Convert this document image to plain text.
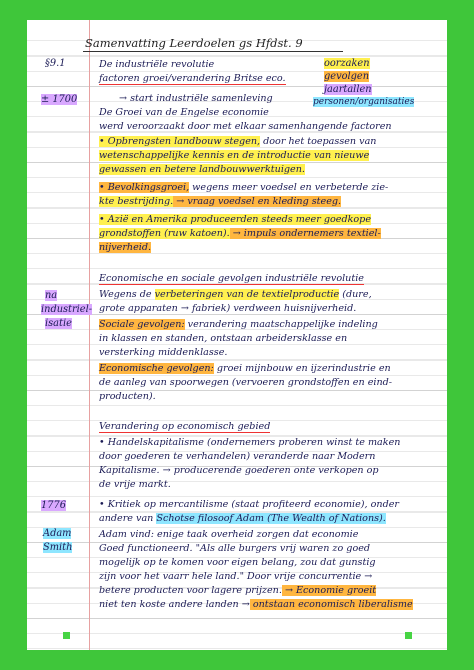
Samenvatting Leerdoelen gs Hfdst. 9
oorzaken
gevolgen
jaartallen
personen/organisaties
§9.1
± 1700
na
industriel-
isatie
1776
Adam
Smith
De industriële revolutie
factoren groei/verandering Britse eco.
→ start industriële samenleving
De Groei van de Engelse economie
werd veroorzaakt door met elkaar samenhangende factoren
• Opbrengsten landbouw stegen, door het toepassen van
wetenschappelijke kennis en de introductie van nieuwe
gewassen en betere landbouwwerktuigen.
• Bevolkingsgroei, wegens meer voedsel en verbeterde zie-
kte bestrijding. → vraag voedsel en kleding steeg.
• Azië en Amerika produceerden steeds meer goedkope
grondstoffen (ruw katoen). → impuls ondernemers textiel-
nijverheid.
Economische en sociale gevolgen industriële revolutie
Wegens de verbeteringen van de textielproductie (dure,
grote apparaten → fabriek) verdween huisnijverheid.
Sociale gevolgen: verandering maatschappelijke indeling
in klassen en standen, ontstaan arbeidersklasse en
versterking middenklasse.
Economische gevolgen: groei mijnbouw en ijzerindustrie en
de aanleg van spoorwegen (vervoeren grondstoffen en eind-
producten).
Verandering op economisch gebied
• Handelskapitalisme (ondernemers proberen winst te maken
door goederen te verhandelen) veranderde naar Modern
Kapitalisme. → producerende goederen onte verkopen op
de vrije markt.
• Kritiek op mercantilisme (staat profiteerd economie), onder
andere van Schotse filosoof Adam (The Wealth of Nations).
Adam vind: enige taak overheid zorgen dat economie
Goed functioneerd. "Als alle burgers vrij waren zo goed
mogelijk op te komen voor eigen belang, zou dat gunstig
zijn voor het vaarr hele land." Door vrije concurrentie →
betere producten voor lagere prijzen. → Economie groeit
niet ten koste andere landen → ontstaan economisch liberalisme
